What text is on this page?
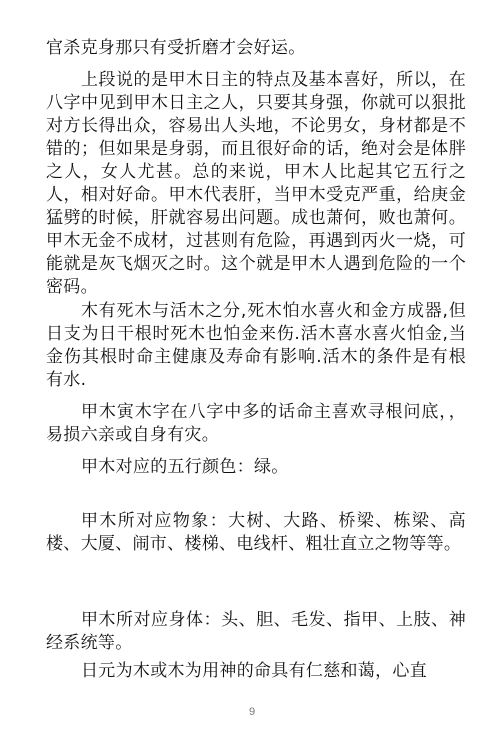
官杀克身那只有受折磨才会好运。

上段说的是甲木日主的特点及基本喜好，所以，在八字中见到甲木日主之人，只要其身强，你就可以狠批对方长得出众，容易出人头地，不论男女，身材都是不错的；但如果是身弱，而且很好命的话，绝对会是体胖之人，女人尤甚。总的来说，甲木人比起其它五行之人，相对好命。甲木代表肝，当甲木受克严重，给庚金猛劈的时候，肝就容易出问题。成也萧何，败也萧何。甲木无金不成材，过甚则有危险，再遇到丙火一烧，可能就是灰飞烟灭之时。这个就是甲木人遇到危险的一个密码。

木有死木与活木之分,死木怕水喜火和金方成器,但日支为日干根时死木也怕金来伤.活木喜水喜火怕金,当金伤其根时命主健康及寿命有影响.活木的条件是有根有水.

甲木寅木字在八字中多的话命主喜欢寻根问底，，易损六亲或自身有灾。

甲木对应的五行颜色：绿。

甲木所对应物象：大树、大路、桥梁、栋梁、高楼、大厦、闹市、楼梯、电线杆、粗壮直立之物等等。

甲木所对应身体：头、胆、毛发、指甲、上肢、神经系统等。

日元为木或木为用神的命具有仁慈和蔼，心直

9
